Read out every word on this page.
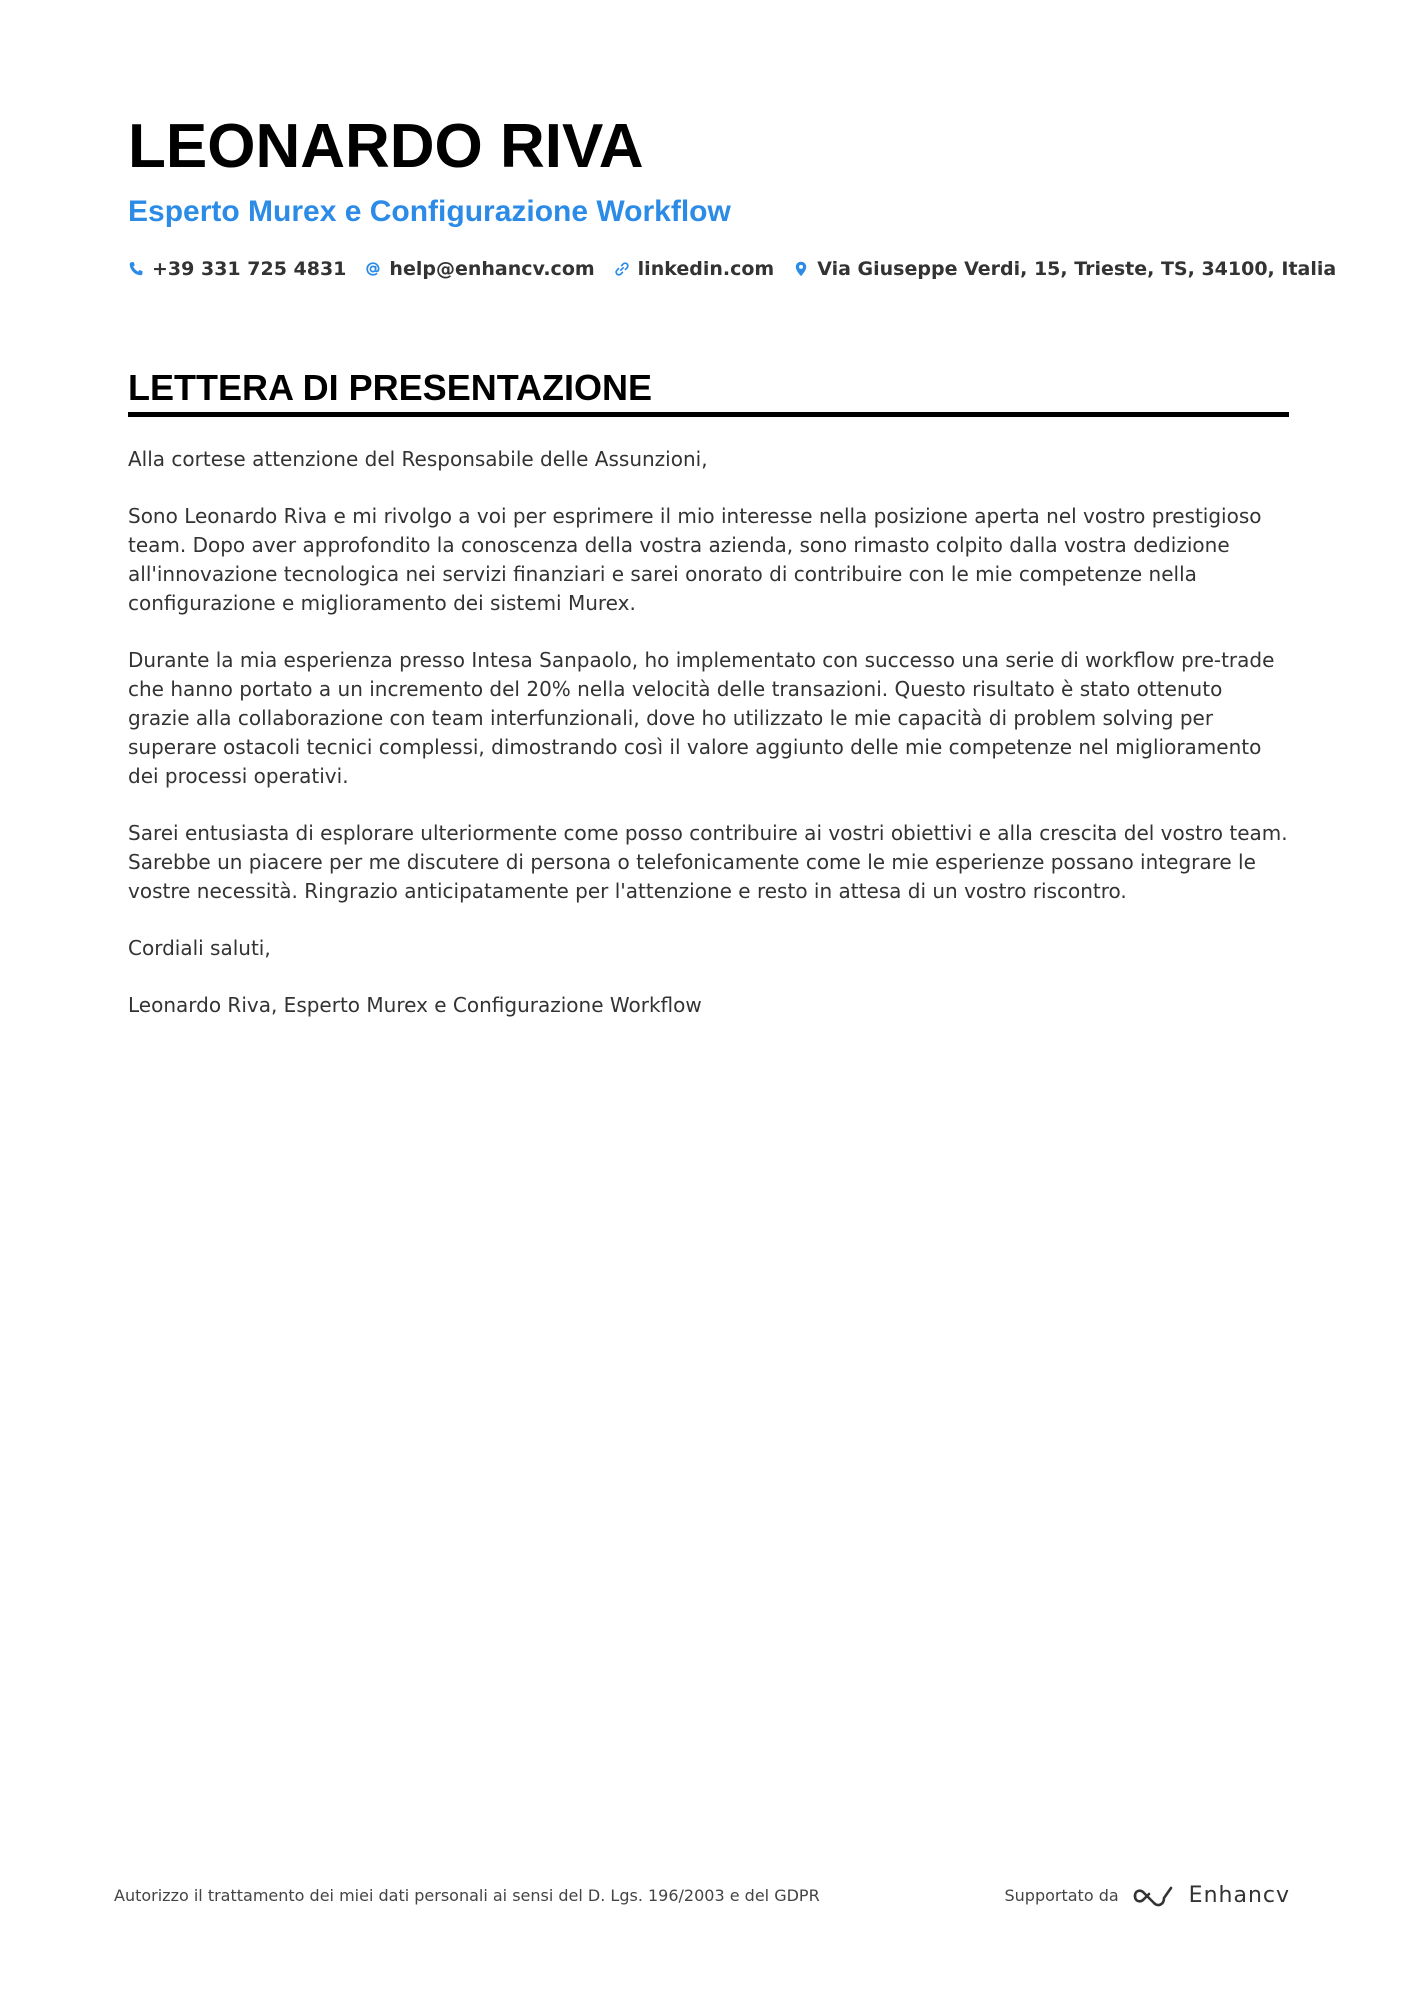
LEONARDO RIVA
Esperto Murex e Configurazione Workflow
+39 331 725 4831 help@enhancv.com linkedin.com Via Giuseppe Verdi, 15, Trieste, TS, 34100, Italia
LETTERA DI PRESENTAZIONE

Alla cortese attenzione del Responsabile delle Assunzioni,

Sono Leonardo Riva e mi rivolgo a voi per esprimere il mio interesse nella posizione aperta nel vostro prestigioso team. Dopo aver approfondito la conoscenza della vostra azienda, sono rimasto colpito dalla vostra dedizione all'innovazione tecnologica nei servizi finanziari e sarei onorato di contribuire con le mie competenze nella configurazione e miglioramento dei sistemi Murex.

Durante la mia esperienza presso Intesa Sanpaolo, ho implementato con successo una serie di workflow pre-trade che hanno portato a un incremento del 20% nella velocità delle transazioni. Questo risultato è stato ottenuto grazie alla collaborazione con team interfunzionali, dove ho utilizzato le mie capacità di problem solving per superare ostacoli tecnici complessi, dimostrando così il valore aggiunto delle mie competenze nel miglioramento dei processi operativi.

Sarei entusiasta di esplorare ulteriormente come posso contribuire ai vostri obiettivi e alla crescita del vostro team. Sarebbe un piacere per me discutere di persona o telefonicamente come le mie esperienze possano integrare le vostre necessità. Ringrazio anticipatamente per l'attenzione e resto in attesa di un vostro riscontro.

Cordiali saluti,

Leonardo Riva, Esperto Murex e Configurazione Workflow

Autorizzo il trattamento dei miei dati personali ai sensi del D. Lgs. 196/2003 e del GDPR	Supportato da	Enhancv
